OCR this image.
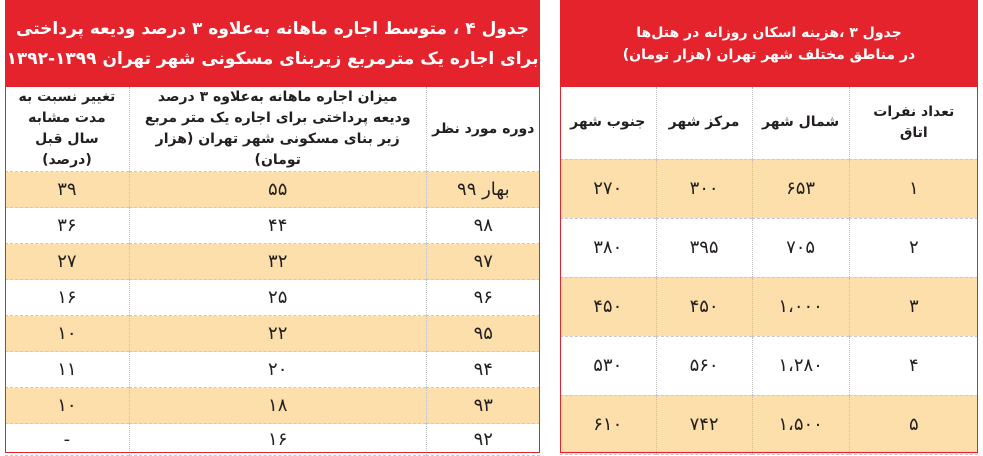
جدول ۴ ، متوسط اجاره ماهانه به‌علاوه ۳ درصد ودیعه پرداختی
برای اجاره یک مترمربع زیربنای مسکونی شهر تهران ۱۳۹۹-۱۳۹۲		

دوره مورد نظر	میزان اجاره ماهانه به‌علاوه ۳ درصد ودیعه پرداختی برای اجاره یک متر مربع زیر بنای مسکونی شهر تهران (هزار تومان)	تغییر نسبت به مدت مشابه سال قبل (درصد)
بهار ۹۹	۵۵	۳۹
۹۸	۴۴	۳۶
۹۷	۳۲	۲۷
۹۶	۲۵	۱۶
۹۵	۲۲	۱۰
۹۴	۲۰	۱۱
۹۳	۱۸	۱۰
۹۲	۱۶	-
جدول ۳ ،هزینه اسکان روزانه در هتل‌ها
در مناطق مختلف شهر تهران (هزار تومان)			

تعداد نفرات اتاق	شمال شهر	مرکز شهر	جنوب شهر
۱	۶۵۳	۳۰۰	۲۷۰
۲	۷۰۵	۳۹۵	۳۸۰
۳	۱،۰۰۰	۴۵۰	۴۵۰
۴	۱،۲۸۰	۵۶۰	۵۳۰
۵	۱،۵۰۰	۷۴۲	۶۱۰
